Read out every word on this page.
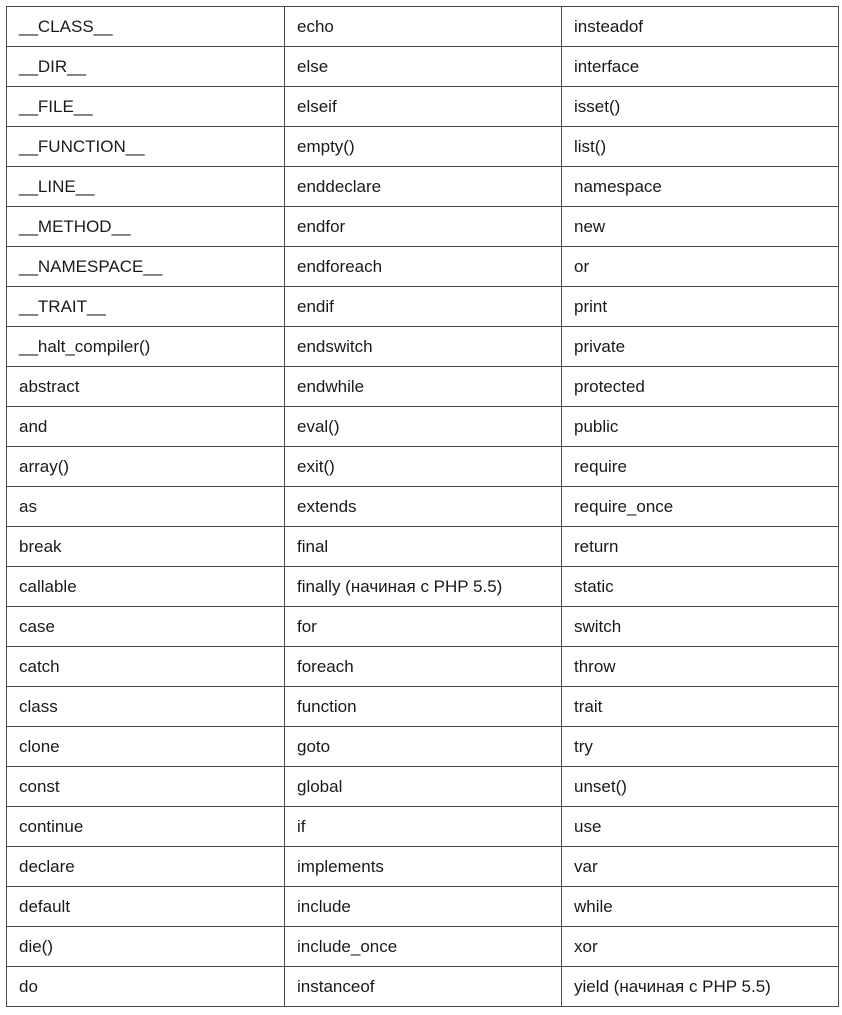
__CLASS__	echo	insteadof
__DIR__	else	interface
__FILE__	elseif	isset()
__FUNCTION__	empty()	list()
__LINE__	enddeclare	namespace
__METHOD__	endfor	new
__NAMESPACE__	endforeach	or
__TRAIT__	endif	print
__halt_compiler()	endswitch	private
abstract	endwhile	protected
and	eval()	public
array()	exit()	require
as	extends	require_once
break	final	return
callable	finally (начиная с PHP 5.5)	static
case	for	switch
catch	foreach	throw
class	function	trait
clone	goto	try
const	global	unset()
continue	if	use
declare	implements	var
default	include	while
die()	include_once	xor
do	instanceof	yield (начиная с PHP 5.5)
